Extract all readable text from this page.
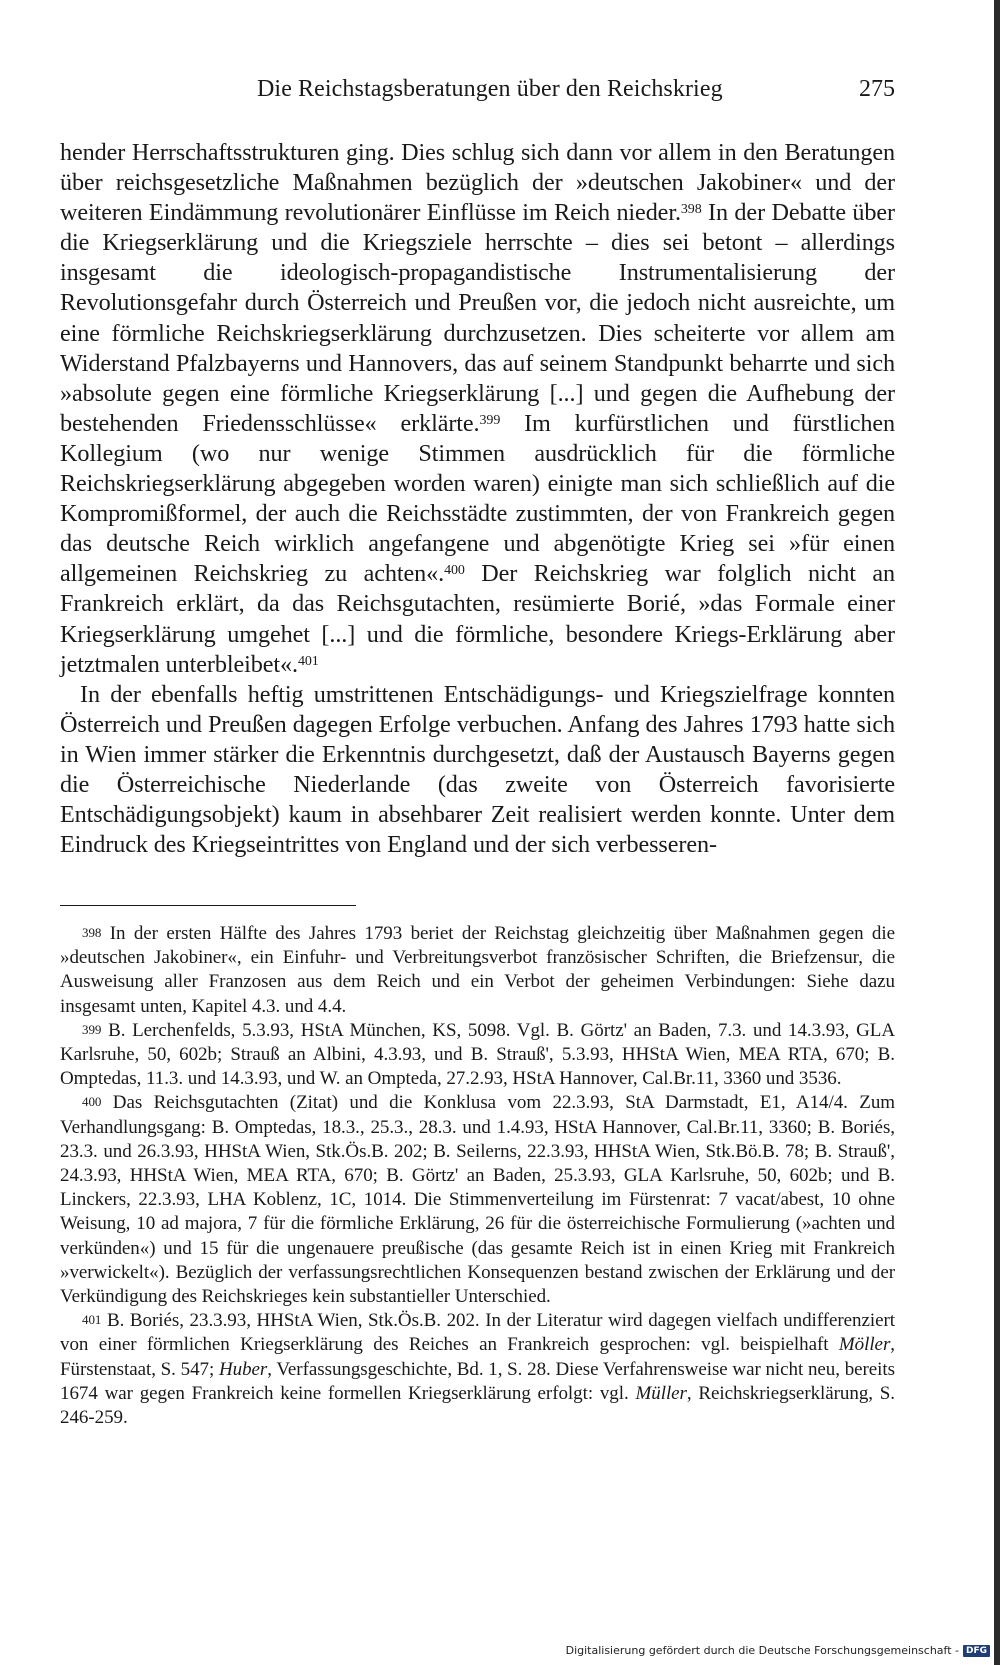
Die Reichstagsberatungen über den Reichskrieg	275

hender Herrschaftsstrukturen ging. Dies schlug sich dann vor allem in den Beratungen über reichsgesetzliche Maßnahmen bezüglich der »deutschen Jakobiner« und der weiteren Eindämmung revolutionärer Einflüsse im Reich nieder.$^{398}$ In der Debatte über die Kriegserklärung und die Kriegsziele herrschte – dies sei betont – allerdings insgesamt die ideologisch-propagandistische Instrumentalisierung der Revolutionsgefahr durch Österreich und Preußen vor, die jedoch nicht ausreichte, um eine förmliche Reichskriegserklärung durchzusetzen. Dies scheiterte vor allem am Widerstand Pfalzbayerns und Hannovers, das auf seinem Standpunkt beharrte und sich »absolute gegen eine förmliche Kriegserklärung [...] und gegen die Aufhebung der bestehenden Friedensschlüsse« erklärte.$^{399}$ Im kurfürstlichen und fürstlichen Kollegium (wo nur wenige Stimmen ausdrücklich für die förmliche Reichskriegserklärung abgegeben worden waren) einigte man sich schließlich auf die Kompromißformel, der auch die Reichsstädte zustimmten, der von Frankreich gegen das deutsche Reich wirklich angefangene und abgenötigte Krieg sei »für einen allgemeinen Reichskrieg zu achten«.$^{400}$ Der Reichskrieg war folglich nicht an Frankreich erklärt, da das Reichsgutachten, resümierte Borié, »das Formale einer Kriegserklärung umgehet [...] und die förmliche, besondere Kriegs-Erklärung aber jetztmalen unterbleibet«.$^{401}$

In der ebenfalls heftig umstrittenen Entschädigungs- und Kriegszielfrage konnten Österreich und Preußen dagegen Erfolge verbuchen. Anfang des Jahres 1793 hatte sich in Wien immer stärker die Erkenntnis durchgesetzt, daß der Austausch Bayerns gegen die Österreichische Niederlande (das zweite von Österreich favorisierte Entschädigungsobjekt) kaum in absehbarer Zeit realisiert werden konnte. Unter dem Eindruck des Kriegseintrittes von England und der sich verbesseren-

$^{398}$ In der ersten Hälfte des Jahres 1793 beriet der Reichstag gleichzeitig über Maßnahmen gegen die »deutschen Jakobiner«, ein Einfuhr- und Verbreitungsverbot französischer Schriften, die Briefzensur, die Ausweisung aller Franzosen aus dem Reich und ein Verbot der geheimen Verbindungen: Siehe dazu insgesamt unten, Kapitel 4.3. und 4.4.

$^{399}$ B. Lerchenfelds, 5.3.93, HStA München, KS, 5098. Vgl. B. Görtz' an Baden, 7.3. und 14.3.93, GLA Karlsruhe, 50, 602b; Strauß an Albini, 4.3.93, und B. Strauß', 5.3.93, HHStA Wien, MEA RTA, 670; B. Omptedas, 11.3. und 14.3.93, und W. an Ompteda, 27.2.93, HStA Hannover, Cal.Br.11, 3360 und 3536.

$^{400}$ Das Reichsgutachten (Zitat) und die Konklusa vom 22.3.93, StA Darmstadt, E1, A14/4. Zum Verhandlungsgang: B. Omptedas, 18.3., 25.3., 28.3. und 1.4.93, HStA Hannover, Cal.Br.11, 3360; B. Boriés, 23.3. und 26.3.93, HHStA Wien, Stk.Ös.B. 202; B. Seilerns, 22.3.93, HHStA Wien, Stk.Bö.B. 78; B. Strauß', 24.3.93, HHStA Wien, MEA RTA, 670; B. Görtz' an Baden, 25.3.93, GLA Karlsruhe, 50, 602b; und B. Linckers, 22.3.93, LHA Koblenz, 1C, 1014. Die Stimmenverteilung im Fürstenrat: 7 vacat/abest, 10 ohne Weisung, 10 ad majora, 7 für die förmliche Erklärung, 26 für die österreichische Formulierung (»achten und verkünden«) und 15 für die ungenauere preußische (das gesamte Reich ist in einen Krieg mit Frankreich »verwickelt«). Bezüglich der verfassungsrechtlichen Konsequenzen bestand zwischen der Erklärung und der Verkündigung des Reichskrieges kein substantieller Unterschied.

$^{401}$ B. Boriés, 23.3.93, HHStA Wien, Stk.Ös.B. 202. In der Literatur wird dagegen vielfach undifferenziert von einer förmlichen Kriegserklärung des Reiches an Frankreich gesprochen: vgl. beispielhaft Möller, Fürstenstaat, S. 547; Huber, Verfassungsgeschichte, Bd. 1, S. 28. Diese Verfahrensweise war nicht neu, bereits 1674 war gegen Frankreich keine formellen Kriegserklärung erfolgt: vgl. Müller, Reichskriegserklärung, S. 246-259.

Digitalisierung gefördert durch die Deutsche Forschungsgemeinschaft - DFG
